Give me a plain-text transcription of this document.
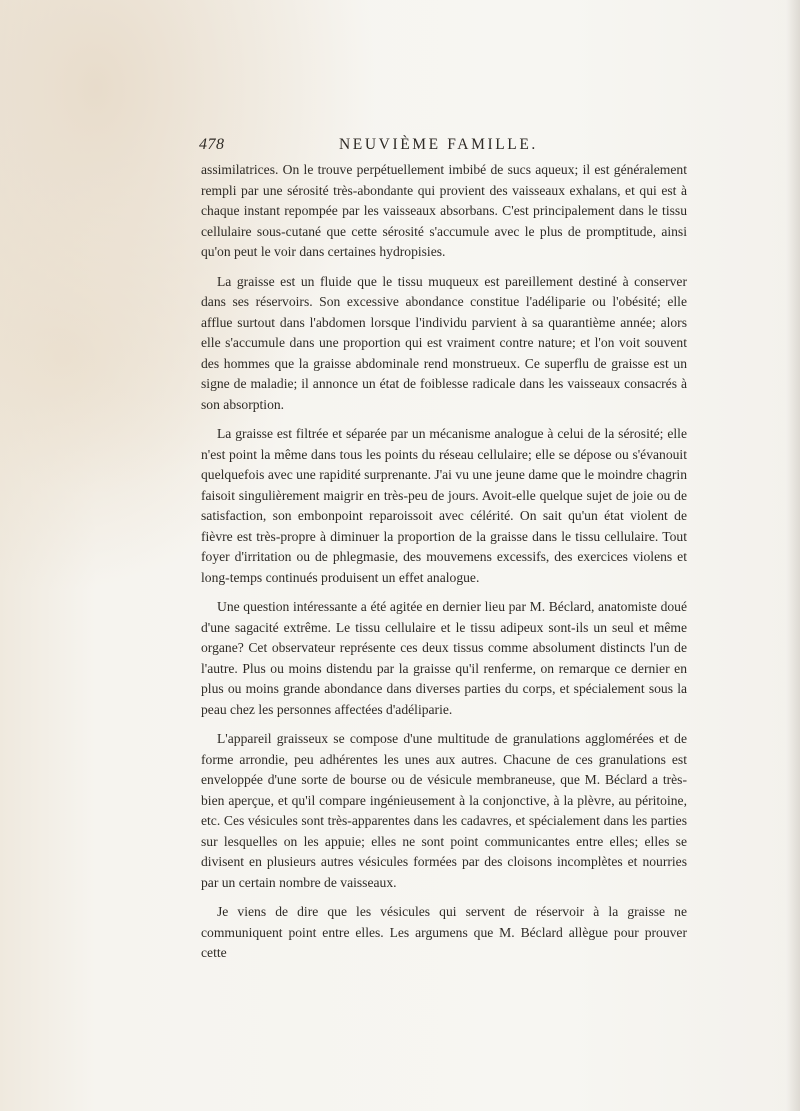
478	NEUVIÈME FAMILLE.

assimilatrices. On le trouve perpétuellement imbibé de sucs aqueux; il est généralement rempli par une sérosité très-abondante qui provient des vaisseaux exhalans, et qui est à chaque instant repompée par les vaisseaux absorbans. C'est principalement dans le tissu cellulaire sous-cutané que cette sérosité s'accumule avec le plus de promptitude, ainsi qu'on peut le voir dans certaines hydropisies.

La graisse est un fluide que le tissu muqueux est pareillement destiné à conserver dans ses réservoirs. Son excessive abondance constitue l'adéliparie ou l'obésité; elle afflue surtout dans l'abdomen lorsque l'individu parvient à sa quarantième année; alors elle s'accumule dans une proportion qui est vraiment contre nature; et l'on voit souvent des hommes que la graisse abdominale rend monstrueux. Ce superflu de graisse est un signe de maladie; il annonce un état de foiblesse radicale dans les vaisseaux consacrés à son absorption.

La graisse est filtrée et séparée par un mécanisme analogue à celui de la sérosité; elle n'est point la même dans tous les points du réseau cellulaire; elle se dépose ou s'évanouit quelquefois avec une rapidité surprenante. J'ai vu une jeune dame que le moindre chagrin faisoit singulièrement maigrir en très-peu de jours. Avoit-elle quelque sujet de joie ou de satisfaction, son embonpoint reparoissoit avec célérité. On sait qu'un état violent de fièvre est très-propre à diminuer la proportion de la graisse dans le tissu cellulaire. Tout foyer d'irritation ou de phlegmasie, des mouvemens excessifs, des exercices violens et long-temps continués produisent un effet analogue.

Une question intéressante a été agitée en dernier lieu par M. Béclard, anatomiste doué d'une sagacité extrême. Le tissu cellulaire et le tissu adipeux sont-ils un seul et même organe? Cet observateur représente ces deux tissus comme absolument distincts l'un de l'autre. Plus ou moins distendu par la graisse qu'il renferme, on remarque ce dernier en plus ou moins grande abondance dans diverses parties du corps, et spécialement sous la peau chez les personnes affectées d'adéliparie.

L'appareil graisseux se compose d'une multitude de granulations agglomérées et de forme arrondie, peu adhérentes les unes aux autres. Chacune de ces granulations est enveloppée d'une sorte de bourse ou de vésicule membraneuse, que M. Béclard a très-bien aperçue, et qu'il compare ingénieusement à la conjonctive, à la plèvre, au péritoine, etc. Ces vésicules sont très-apparentes dans les cadavres, et spécialement dans les parties sur lesquelles on les appuie; elles ne sont point communicantes entre elles; elles se divisent en plusieurs autres vésicules formées par des cloisons incomplètes et nourries par un certain nombre de vaisseaux.

Je viens de dire que les vésicules qui servent de réservoir à la graisse ne communiquent point entre elles. Les argumens que M. Béclard allègue pour prouver cette
